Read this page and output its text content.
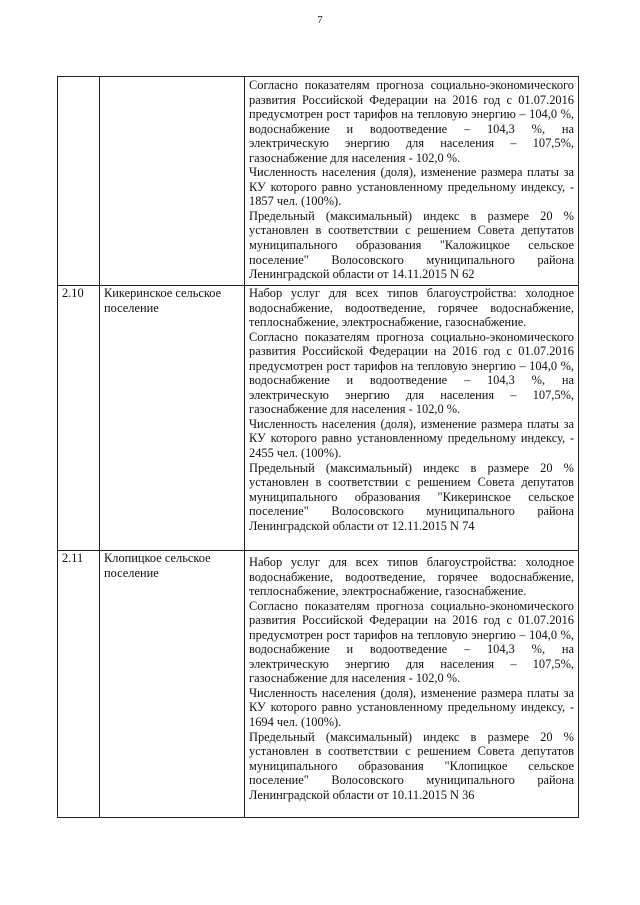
7

		Согласно показателям прогноза социально-экономического развития Российской Федерации на 2016 год с 01.07.2016 предусмотрен рост тарифов на тепловую энергию – 104,0 %, водоснабжение и водоотведение – 104,3 %, на электрическую энергию для населения – 107,5%, газоснабжение для населения - 102,0 %.

Численность населения (доля), изменение размера платы за КУ которого равно установленному предельному индексу, - 1857 чел. (100%).

Предельный (максимальный) индекс в размере 20 % установлен в соответствии с решением Совета депутатов муниципального образования "Каложицкое сельское поселение" Волосовского муниципального района Ленинградской области от 14.11.2015 N 62

2.10	Кикеринское сельское поселение	Набор услуг для всех типов благоустройства: холодное водоснабжение, водоотведение, горячее водоснабжение, теплоснабжение, электроснабжение, газоснабжение.

Согласно показателям прогноза социально-экономического развития Российской Федерации на 2016 год с 01.07.2016 предусмотрен рост тарифов на тепловую энергию – 104,0 %, водоснабжение и водоотведение – 104,3 %, на электрическую энергию для населения – 107,5%, газоснабжение для населения - 102,0 %.

Численность населения (доля), изменение размера платы за КУ которого равно установленному предельному индексу, - 2455 чел. (100%).

Предельный (максимальный) индекс в размере 20 % установлен в соответствии с решением Совета депутатов муниципального образования "Кикеринское сельское поселение" Волосовского муниципального района Ленинградской области от 12.11.2015 N 74

2.11	Клопицкое сельское поселение	Набор услуг для всех типов благоустройства: холодное водоснабжение, водоотведение, горячее водоснабжение, теплоснабжение, электроснабжение, газоснабжение.

Согласно показателям прогноза социально-экономического развития Российской Федерации на 2016 год с 01.07.2016 предусмотрен рост тарифов на тепловую энергию – 104,0 %, водоснабжение и водоотведение – 104,3 %, на электрическую энергию для населения – 107,5%, газоснабжение для населения - 102,0 %.

Численность населения (доля), изменение размера платы за КУ которого равно установленному предельному индексу, - 1694 чел. (100%).

Предельный (максимальный) индекс в размере 20 % установлен в соответствии с решением Совета депутатов муниципального образования "Клопицкое сельское поселение" Волосовского муниципального района Ленинградской области от 10.11.2015 N 36
